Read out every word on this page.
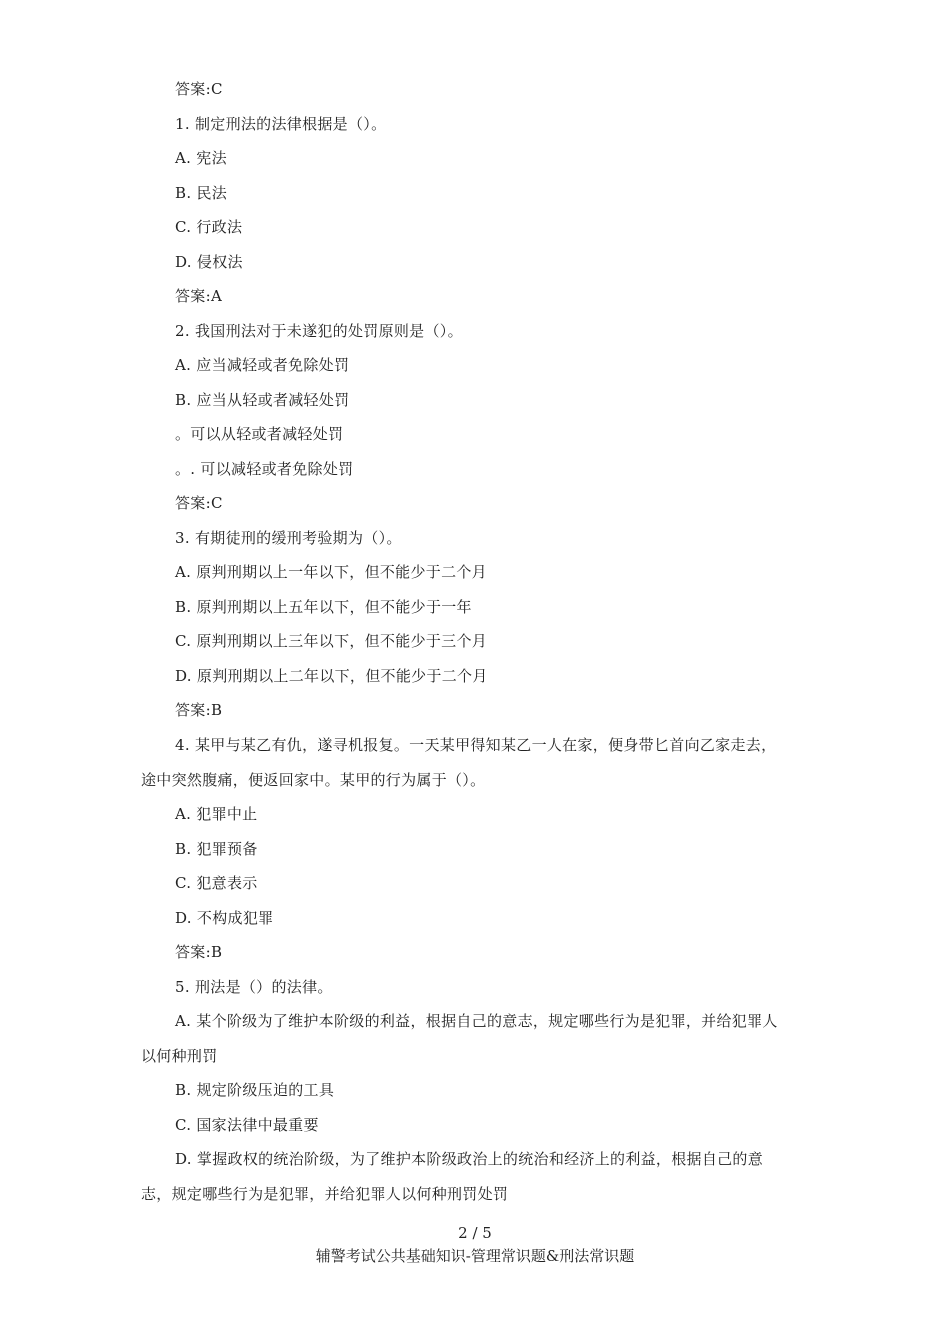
答案:C
1. 制定刑法的法律根据是（）。
A. 宪法
B. 民法
C. 行政法
D. 侵权法
答案:A
2. 我国刑法对于未遂犯的处罚原则是（）。
A. 应当减轻或者免除处罚
B. 应当从轻或者减轻处罚
。可以从轻或者减轻处罚
。. 可以减轻或者免除处罚
答案:C
3. 有期徒刑的缓刑考验期为（）。
A. 原判刑期以上一年以下，但不能少于二个月
B. 原判刑期以上五年以下，但不能少于一年
C. 原判刑期以上三年以下，但不能少于三个月
D. 原判刑期以上二年以下，但不能少于二个月
答案:B
4. 某甲与某乙有仇，遂寻机报复。一天某甲得知某乙一人在家，便身带匕首向乙家走去，
途中突然腹痛，便返回家中。某甲的行为属于（）。
A. 犯罪中止
B. 犯罪预备
C. 犯意表示
D. 不构成犯罪
答案:B
5. 刑法是（）的法律。
A. 某个阶级为了维护本阶级的利益，根据自己的意志，规定哪些行为是犯罪，并给犯罪人
以何种刑罚
B. 规定阶级压迫的工具
C. 国家法律中最重要
D. 掌握政权的统治阶级，为了维护本阶级政治上的统治和经济上的利益，根据自己的意
志，规定哪些行为是犯罪，并给犯罪人以何种刑罚处罚
2 / 5
辅警考试公共基础知识-管理常识题&刑法常识题
